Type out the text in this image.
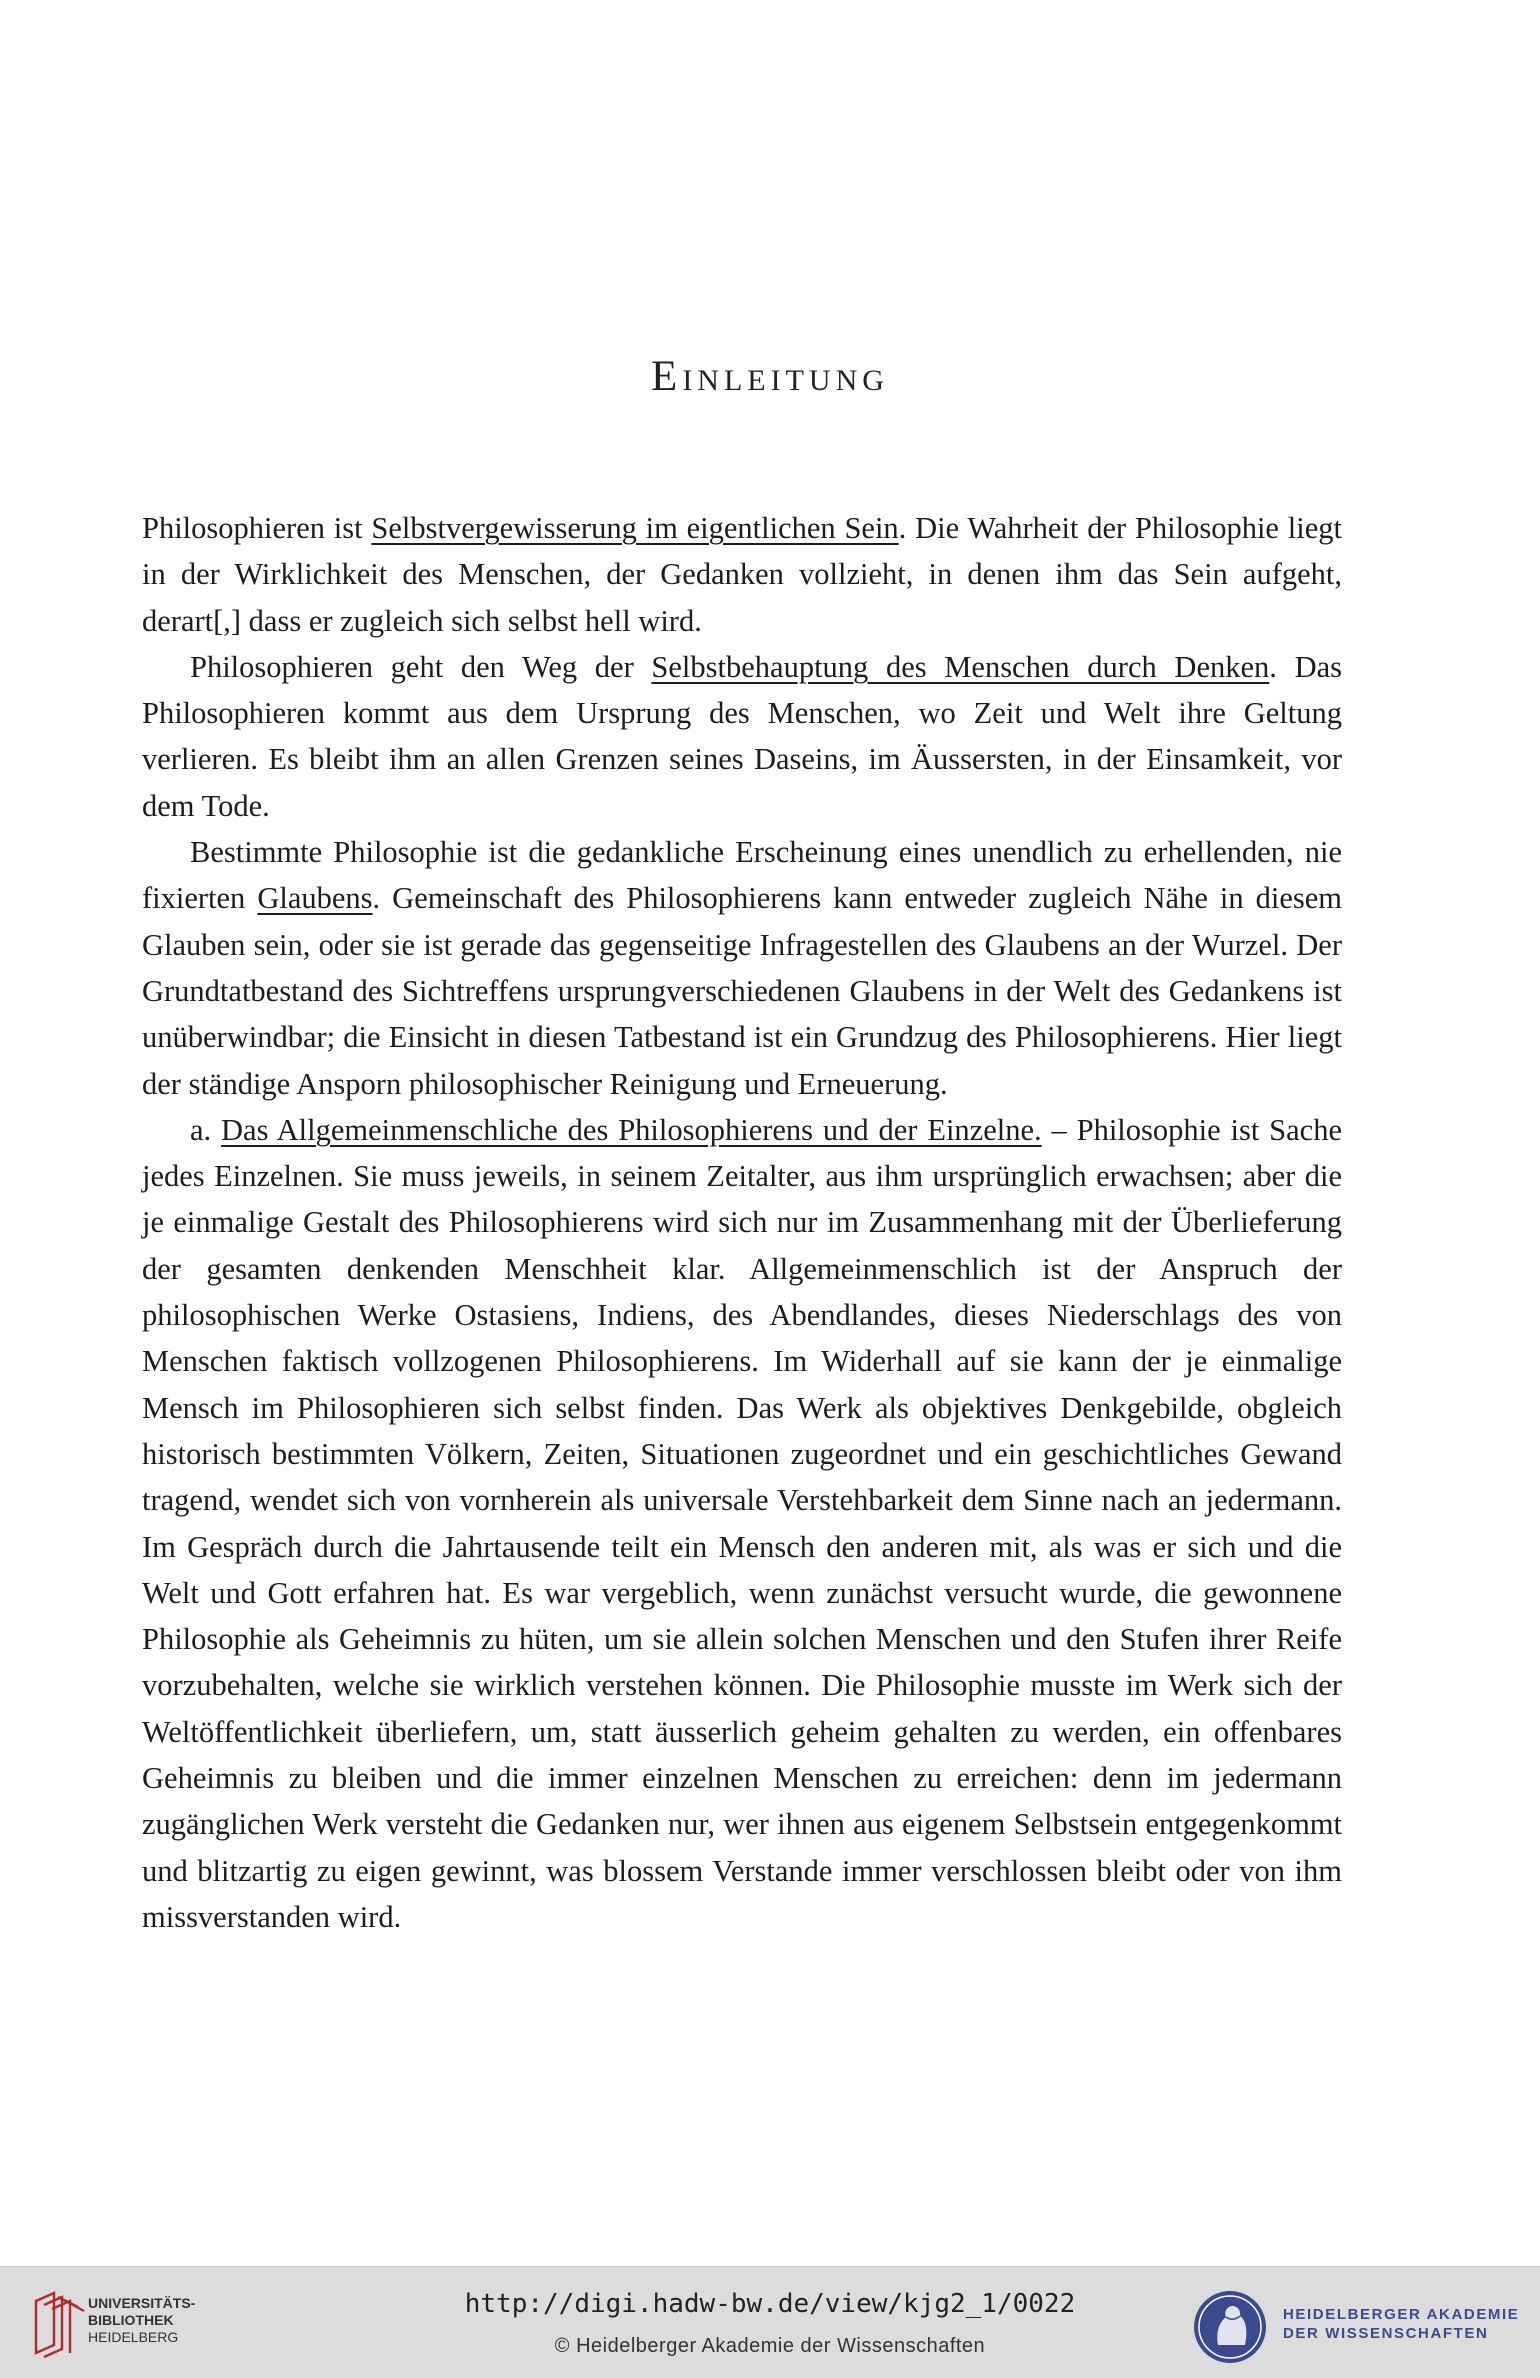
Einleitung

Philosophieren ist Selbstvergewisserung im eigentlichen Sein. Die Wahrheit der Philosophie liegt in der Wirklichkeit des Menschen, der Gedanken vollzieht, in denen ihm das Sein aufgeht, derart[,] dass er zugleich sich selbst hell wird.

Philosophieren geht den Weg der Selbstbehauptung des Menschen durch Denken. Das Philosophieren kommt aus dem Ursprung des Menschen, wo Zeit und Welt ihre Geltung verlieren. Es bleibt ihm an allen Grenzen seines Daseins, im Äussersten, in der Einsamkeit, vor dem Tode.

Bestimmte Philosophie ist die gedankliche Erscheinung eines unendlich zu erhellenden, nie fixierten Glaubens. Gemeinschaft des Philosophierens kann entweder zugleich Nähe in diesem Glauben sein, oder sie ist gerade das gegenseitige Infragestellen des Glaubens an der Wurzel. Der Grundtatbestand des Sichtreffens ursprungverschiedenen Glaubens in der Welt des Gedankens ist unüberwindbar; die Einsicht in diesen Tatbestand ist ein Grundzug des Philosophierens. Hier liegt der ständige Ansporn philosophischer Reinigung und Erneuerung.

a. Das Allgemeinmenschliche des Philosophierens und der Einzelne. – Philosophie ist Sache jedes Einzelnen. Sie muss jeweils, in seinem Zeitalter, aus ihm ursprünglich erwachsen; aber die je einmalige Gestalt des Philosophierens wird sich nur im Zusammenhang mit der Überlieferung der gesamten denkenden Menschheit klar. Allgemeinmenschlich ist der Anspruch der philosophischen Werke Ostasiens, Indiens, des Abendlandes, dieses Niederschlags des von Menschen faktisch vollzogenen Philosophierens. Im Widerhall auf sie kann der je einmalige Mensch im Philosophieren sich selbst finden. Das Werk als objektives Denkgebilde, obgleich historisch bestimmten Völkern, Zeiten, Situationen zugeordnet und ein geschichtliches Gewand tragend, wendet sich von vornherein als universale Verstehbarkeit dem Sinne nach an jedermann. Im Gespräch durch die Jahrtausende teilt ein Mensch den anderen mit, als was er sich und die Welt und Gott erfahren hat. Es war vergeblich, wenn zunächst versucht wurde, die gewonnene Philosophie als Geheimnis zu hüten, um sie allein solchen Menschen und den Stufen ihrer Reife vorzubehalten, welche sie wirklich verstehen können. Die Philosophie musste im Werk sich der Weltöffentlichkeit überliefern, um, statt äusserlich geheim gehalten zu werden, ein offenbares Geheimnis zu bleiben und die immer einzelnen Menschen zu erreichen: denn im jedermann zugänglichen Werk versteht die Gedanken nur, wer ihnen aus eigenem Selbstsein entgegenkommt und blitzartig zu eigen gewinnt, was blossem Verstande immer verschlossen bleibt oder von ihm missverstanden wird.

UNIVERSITÄTS-
BIBLIOTHEK
HEIDELBERG
http://digi.hadw-bw.de/view/kjg2_1/0022
© Heidelberger Akademie der Wissenschaften
HEIDELBERGER AKADEMIE
DER WISSENSCHAFTEN
